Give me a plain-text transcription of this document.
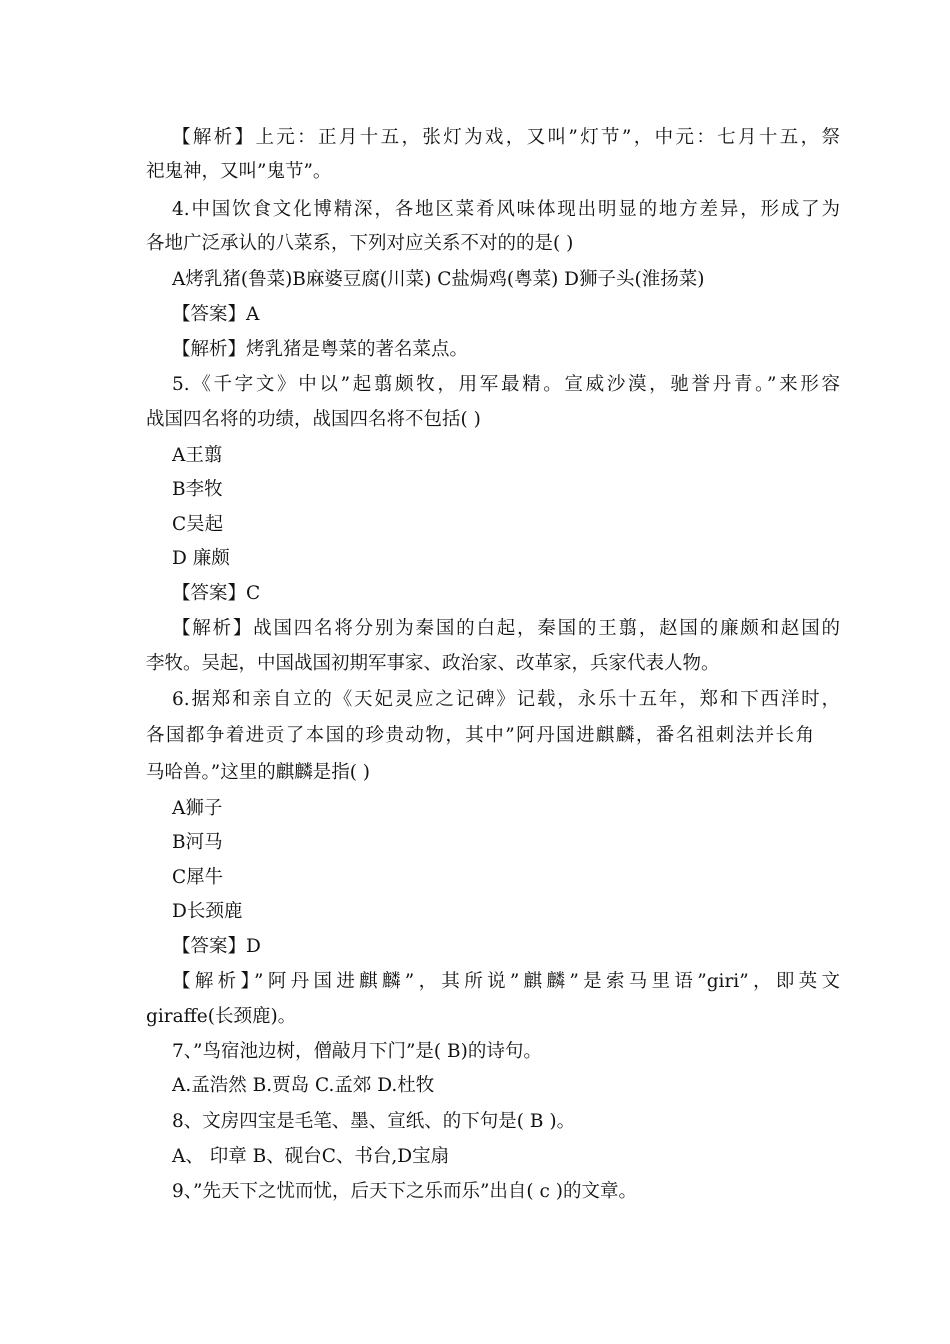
【解析】上元：正月十五，张灯为戏，又叫”灯节”，中元：七月十五，祭
祀鬼神，又叫”鬼节”。
4.中国饮食文化博精深，各地区菜肴风味体现出明显的地方差异，形成了为
各地广泛承认的八菜系，下列对应关系不对的的是( )
A烤乳猪(鲁菜)B麻婆豆腐(川菜) C盐焗鸡(粤菜) D狮子头(淮扬菜)
【答案】A
【解析】烤乳猪是粤菜的著名菜点。
5.《千字文》中以”起翦颇牧，用军最精。宣威沙漠，驰誉丹青。”来形容
战国四名将的功绩，战国四名将不包括( )
A王翦
B李牧
C吴起
D 廉颇
【答案】C
【解析】战国四名将分别为秦国的白起，秦国的王翦，赵国的廉颇和赵国的
李牧。吴起，中国战国初期军事家、政治家、改革家，兵家代表人物。
6.据郑和亲自立的《天妃灵应之记碑》记载，永乐十五年，郑和下西洋时，
各国都争着进贡了本国的珍贵动物，其中”阿丹国进麒麟，番名祖刺法并长角
马哈兽。”这里的麒麟是指( )
A狮子
B河马
C犀牛
D长颈鹿
【答案】D
【解析】”阿丹国进麒麟”，其所说”麒麟”是索马里语”giri”，即英文
giraffe(长颈鹿)。
7、”鸟宿池边树，僧敲月下门”是( B)的诗句。
A.孟浩然 B.贾岛 C.孟郊 D.杜牧
8、文房四宝是毛笔、墨、宣纸、的下句是( B )。
A、 印章 B、砚台C、书台,D宝扇
9、”先天下之忧而忧，后天下之乐而乐”出自( c )的文章。
